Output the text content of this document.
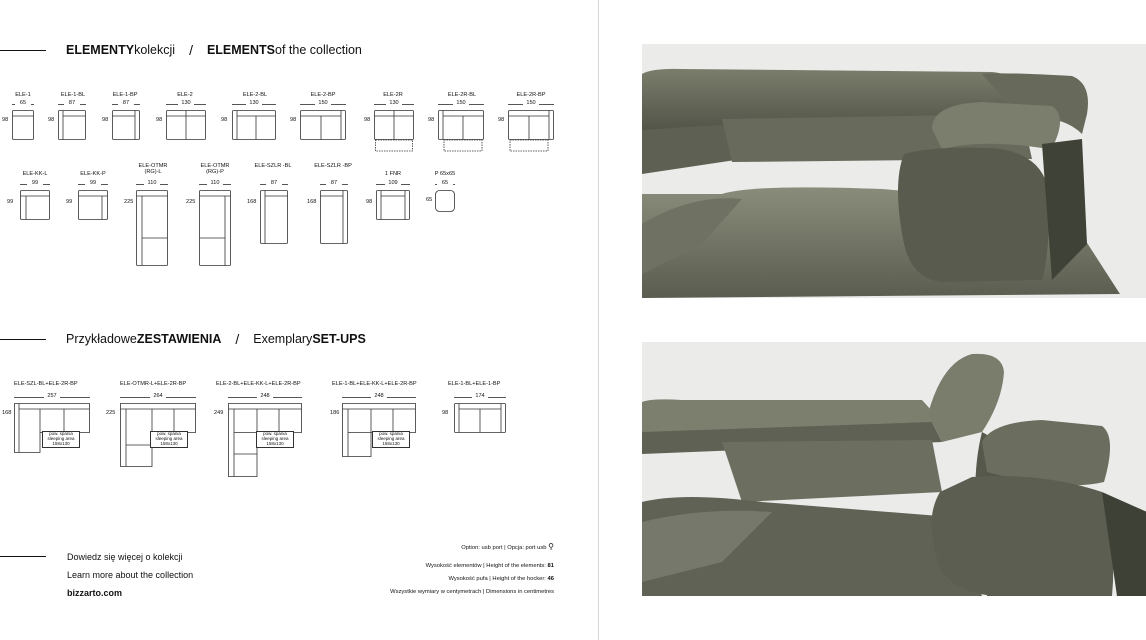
ELEMENTY kolekcji / ELEMENTS of the collection
ELE-1
65
98
ELE-1-BL
87
98
ELE-1-BP
87
98
ELE-2
130
98
ELE-2-BL
130
98
ELE-2-BP
150
98
ELE-2R
130
98
ELE-2R-BL
150
98
ELE-2R-BP
150
98
ELE-KK-L
99
99
ELE-KK-P
99
99
ELE-OTMR (RG)-L
110
225
ELE-OTMR (RG)-P
110
225
ELE-SZLR -BL
87
168
ELE-SZLR -BP
87
168
1 FNR
109
98
P 65x65
65
65
Przykładowe ZESTAWIENIA / Exemplary SET-UPS
ELE-SZL-BL+ELE-2R-BP
257
168
pow. spania sleeping area 158x130
ELE-OTMR-L+ELE-2R-BP
264
225
pow. spania sleeping area 158x130
ELE-2-BL+ELE-KK-L+ELE-2R-BP
248
249
pow. spania sleeping area 158x130
ELE-1-BL+ELE-KK-L+ELE-2R-BP
248
186
pow. spania sleeping area 158x130
ELE-1-BL+ELE-1-BP
174
98
Dowiedz się więcej o kolekcji
Learn more about the collection
bizzarto.com
Option: usb port | Opcja: port usb ⚲
Wysokość elementów | Height of the elements: 81
Wysokość pufa | Height of the hocker: 46
Wszystkie wymiary w centymetrach | Dimensions in centimetres
